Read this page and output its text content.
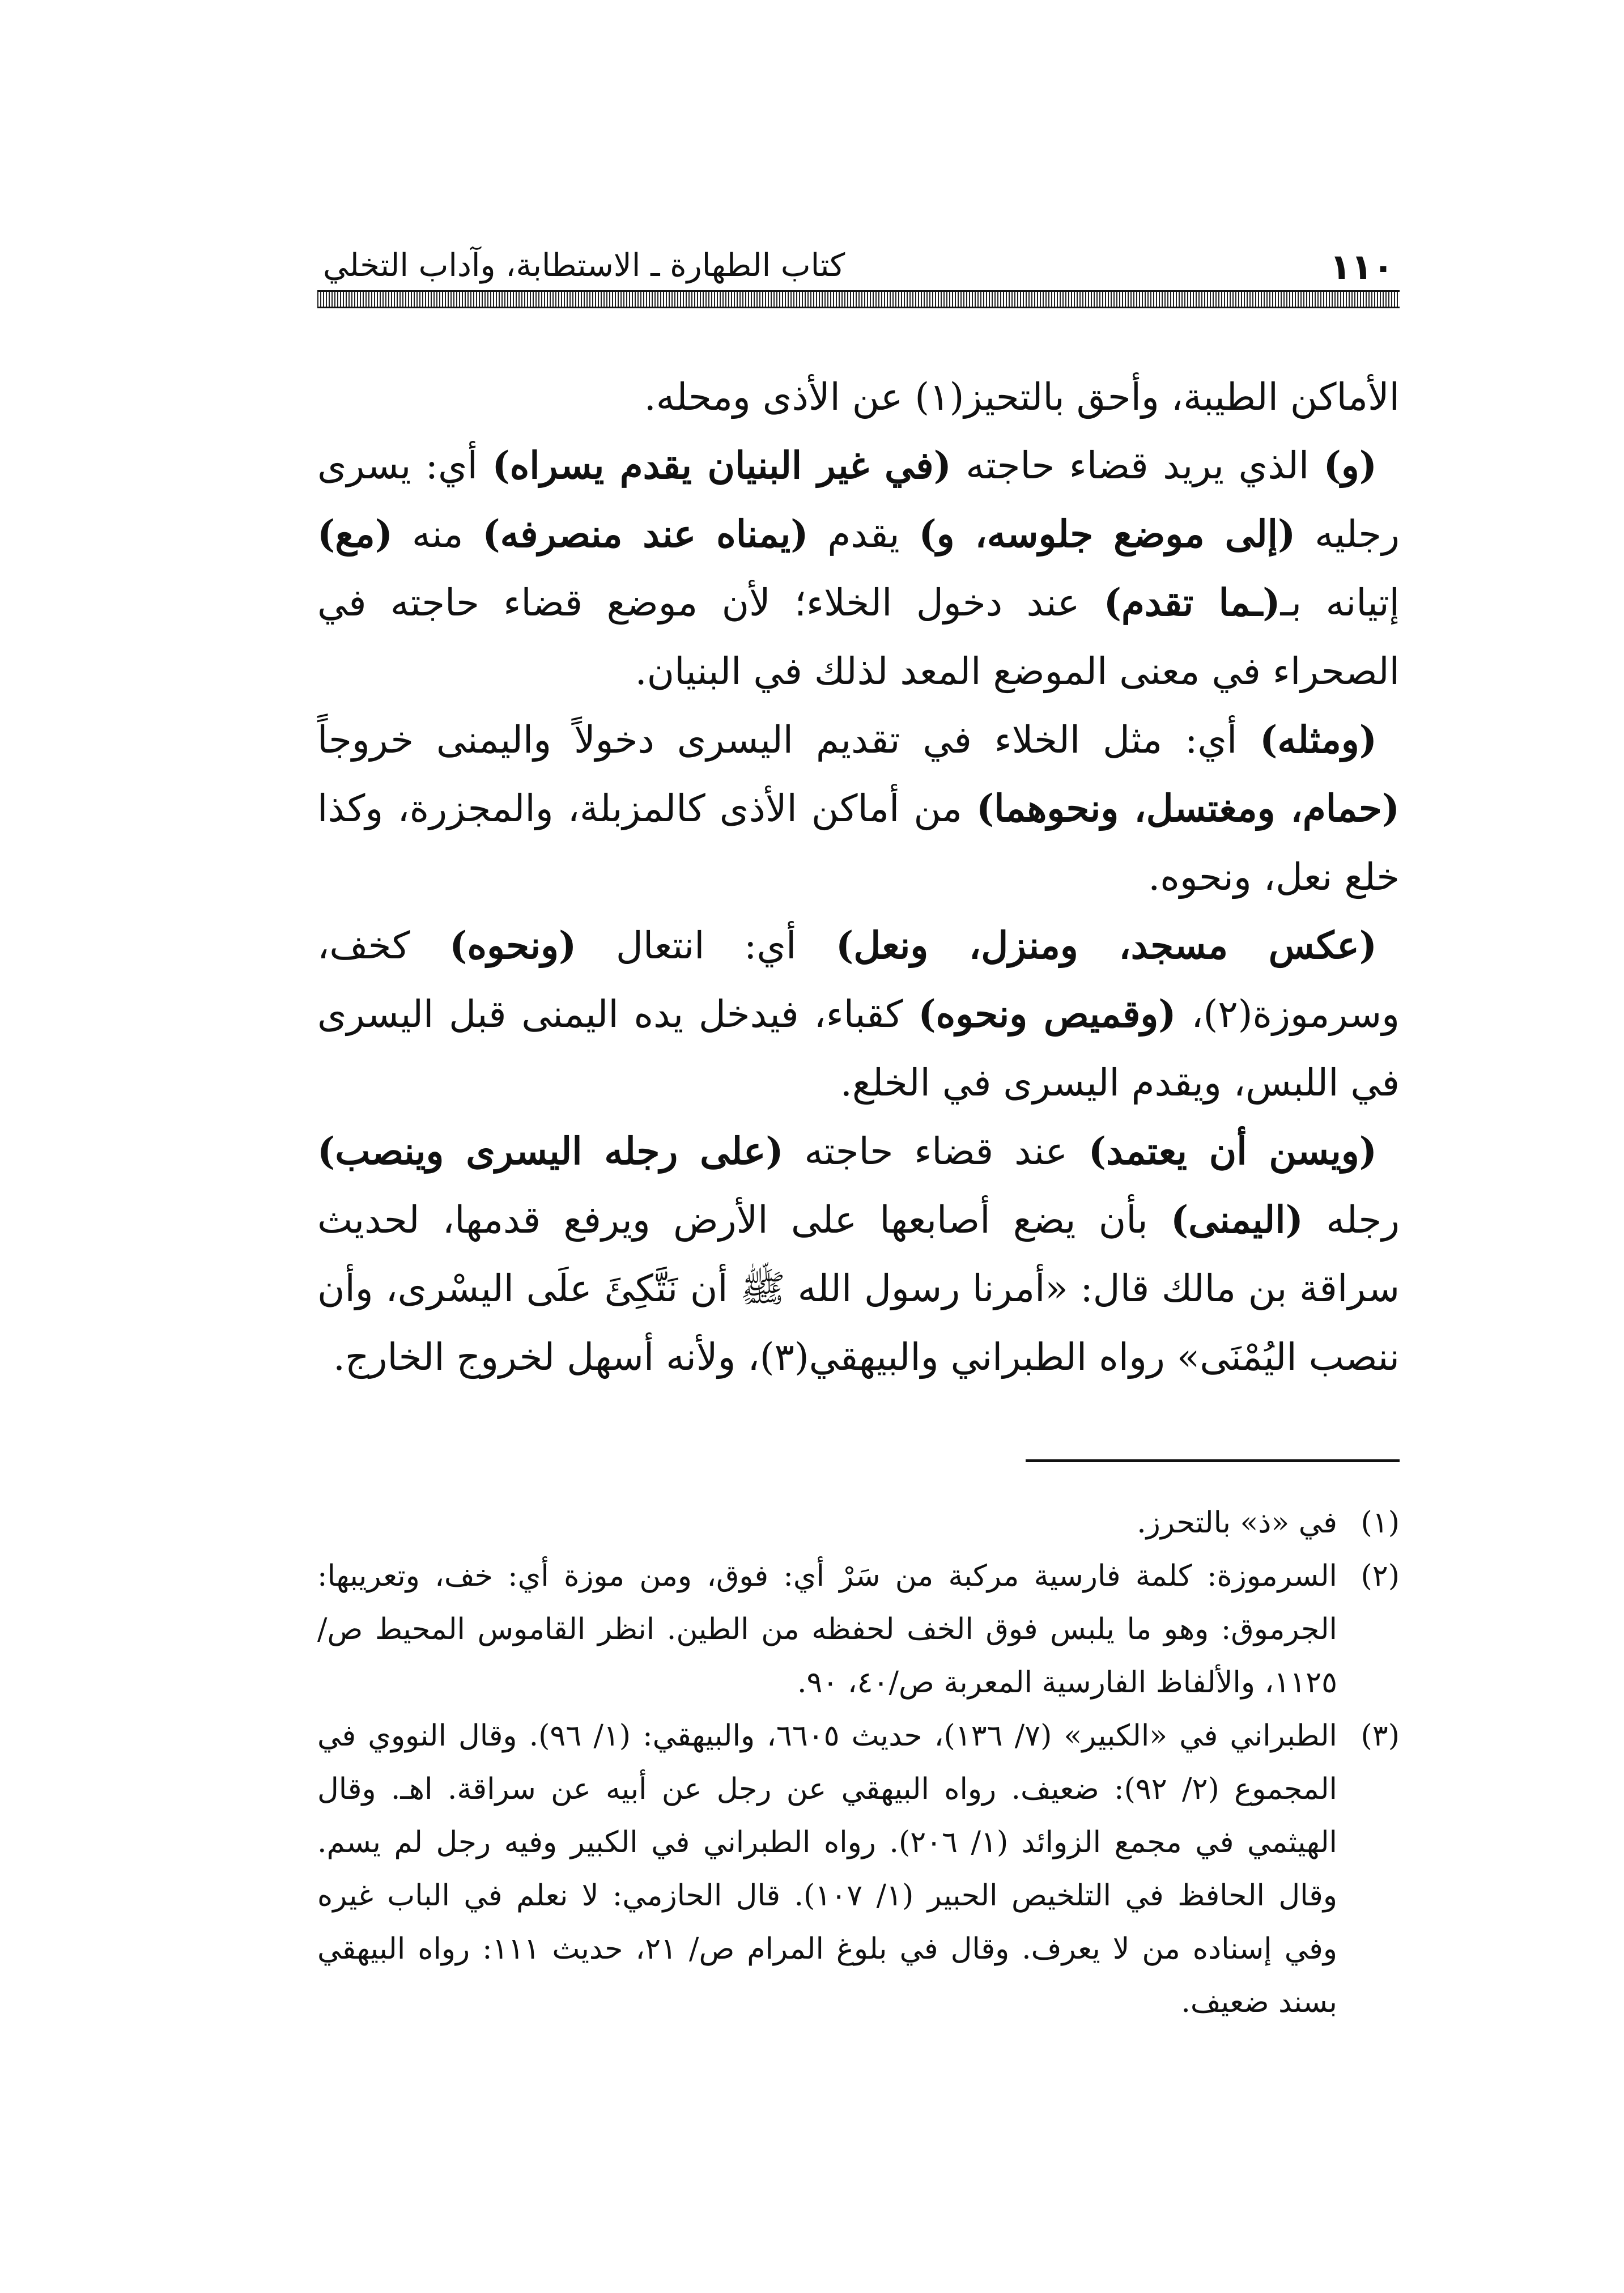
١١٠
كتاب الطهارة ـ الاستطابة، وآداب التخلي

الأماكن الطيبة، وأحق بالتحيز(١) عن الأذى ومحله.

(و) الذي يريد قضاء حاجته (في غير البنيان يقدم يسراه) أي: يسرى رجليه (إلى موضع جلوسه، و) يقدم (يمناه عند منصرفه) منه (مع) إتيانه بـ(ـما تقدم) عند دخول الخلاء؛ لأن موضع قضاء حاجته في الصحراء في معنى الموضع المعد لذلك في البنيان.

(ومثله) أي: مثل الخلاء في تقديم اليسرى دخولاً واليمنى خروجاً (حمام، ومغتسل، ونحوهما) من أماكن الأذى كالمزبلة، والمجزرة، وكذا خلع نعل، ونحوه.

(عكس مسجد، ومنزل، ونعل) أي: انتعال (ونحوه) كخف، وسرموزة(٢)، (وقميص ونحوه) كقباء، فيدخل يده اليمنى قبل اليسرى في اللبس، ويقدم اليسرى في الخلع.

(ويسن أن يعتمد) عند قضاء حاجته (على رجله اليسرى وينصب) رجله (اليمنى) بأن يضع أصابعها على الأرض ويرفع قدمها، لحديث سراقة بن مالك قال: «أمرنا رسول الله ﷺ أن نَتَّكِئَ علَى اليسْرى، وأن ننصب اليُمْنَى» رواه الطبراني والبيهقي(٣)، ولأنه أسهل لخروج الخارج.

(١)
في «ذ» بالتحرز.
(٢)
السرموزة: كلمة فارسية مركبة من سَرْ أي: فوق، ومن موزة أي: خف، وتعريبها: الجرموق: وهو ما يلبس فوق الخف لحفظه من الطين. انظر القاموس المحيط ص/١١٢٥، والألفاظ الفارسية المعربة ص/٤٠، ٩٠.
(٣)
الطبراني في «الكبير» (٧/ ١٣٦)، حديث ٦٦٠٥، والبيهقي: (١/ ٩٦). وقال النووي في المجموع (٢/ ٩٢): ضعيف. رواه البيهقي عن رجل عن أبيه عن سراقة. اهـ. وقال الهيثمي في مجمع الزوائد (١/ ٢٠٦). رواه الطبراني في الكبير وفيه رجل لم يسم. وقال الحافظ في التلخيص الحبير (١/ ١٠٧). قال الحازمي: لا نعلم في الباب غيره وفي إسناده من لا يعرف. وقال في بلوغ المرام ص/ ٢١، حديث ١١١: رواه البيهقي بسند ضعيف.
